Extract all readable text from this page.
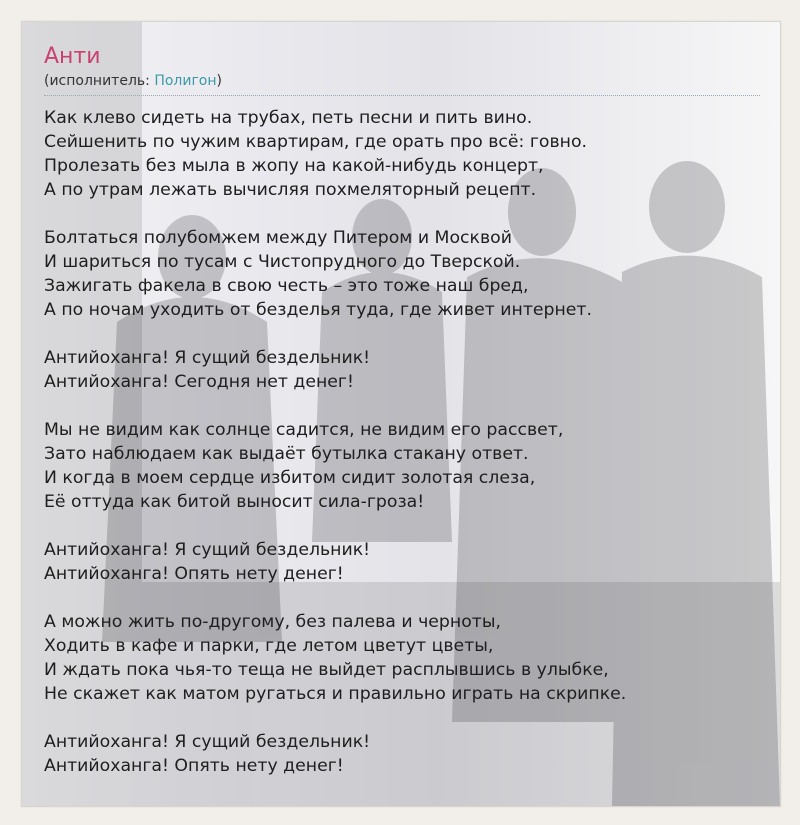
Анти
(исполнитель: Полигон)
Как клево сидеть на трубах, петь песни и пить вино.
Сейшенить по чужим квартирам, где орать про всё: говно.
Пролезать без мыла в жопу на какой-нибудь концерт,
А по утрам лежать вычисляя похмеляторный рецепт.
Болтаться полубомжем между Питером и Москвой
И шариться по тусам с Чистопрудного до Тверской.
Зажигать факела в свою честь – это тоже наш бред,
А по ночам уходить от безделья туда, где живет интернет.
Антийоханга! Я сущий бездельник!
Антийоханга! Сегодня нет денег!
Мы не видим как солнце садится, не видим его рассвет,
Зато наблюдаем как выдаёт бутылка стакану ответ.
И когда в моем сердце избитом сидит золотая слеза,
Её оттуда как битой выносит сила-гроза!
Антийоханга! Я сущий бездельник!
Антийоханга! Опять нету денег!
А можно жить по-другому, без палева и черноты,
Ходить в кафе и парки, где летом цветут цветы,
И ждать пока чья-то теща не выйдет расплывшись в улыбке,
Не скажет как матом ругаться и правильно играть на скрипке.
Антийоханга! Я сущий бездельник!
Антийоханга! Опять нету денег!
